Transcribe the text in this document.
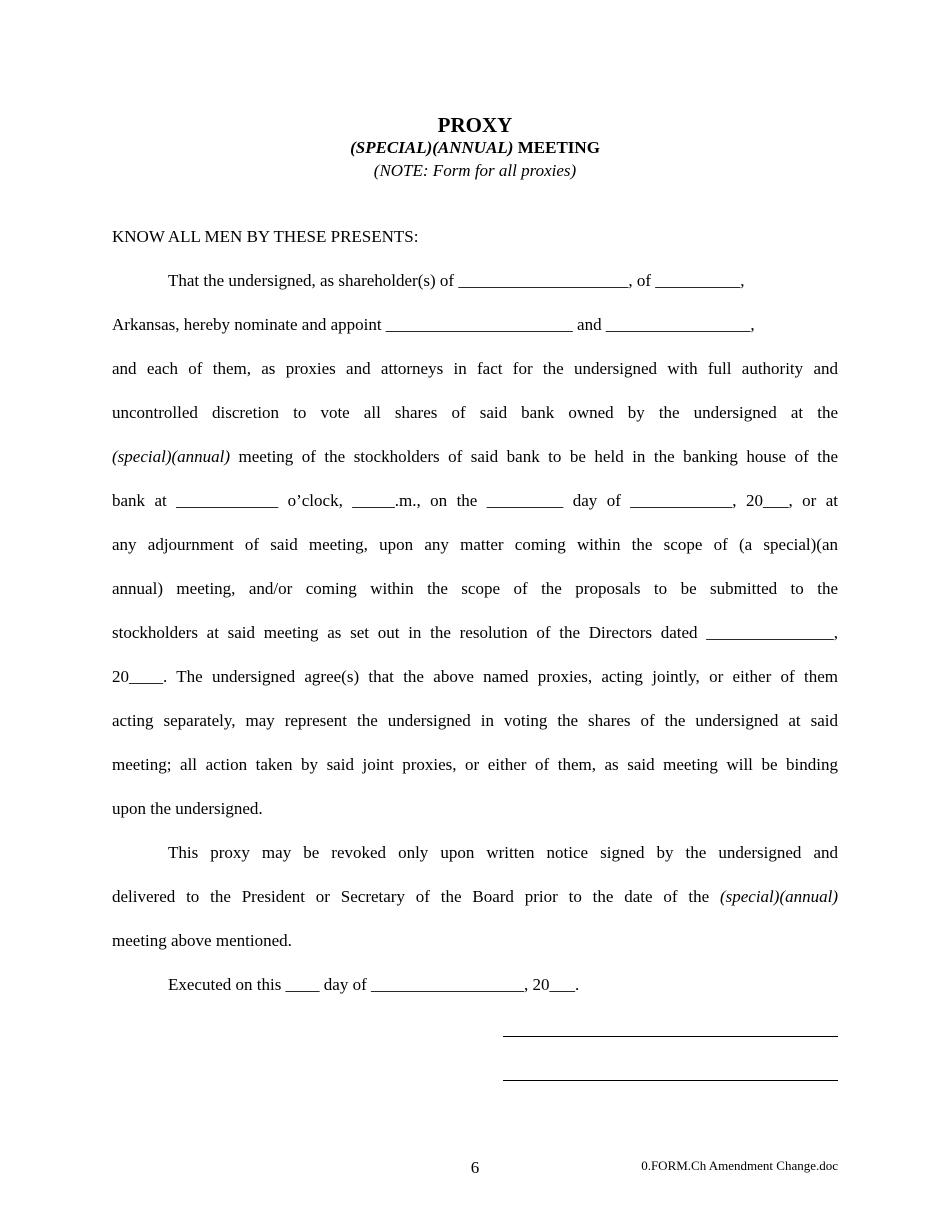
PROXY
(SPECIAL)(ANNUAL) MEETING
(NOTE: Form for all proxies)
KNOW ALL MEN BY THESE PRESENTS:
That the undersigned, as shareholder(s) of ____________________, of __________,
Arkansas, hereby nominate and appoint ______________________ and _________________,
and each of them, as proxies and attorneys in fact for the undersigned with full authority and
uncontrolled discretion to vote all shares of said bank owned by the undersigned at the
(special)(annual) meeting of the stockholders of said bank to be held in the banking house of the
bank at ____________ o’clock, _____.m., on the _________ day of ____________, 20___, or at
any adjournment of said meeting, upon any matter coming within the scope of (a special)(an
annual) meeting, and/or coming within the scope of the proposals to be submitted to the
stockholders at said meeting as set out in the resolution of the Directors dated _______________,
20____. The undersigned agree(s) that the above named proxies, acting jointly, or either of them
acting separately, may represent the undersigned in voting the shares of the undersigned at said
meeting; all action taken by said joint proxies, or either of them, as said meeting will be binding
upon the undersigned.
This proxy may be revoked only upon written notice signed by the undersigned and
delivered to the President or Secretary of the Board prior to the date of the (special)(annual)
meeting above mentioned.
Executed on this ____ day of __________________, 20___.
6	0.FORM.Ch Amendment Change.doc
